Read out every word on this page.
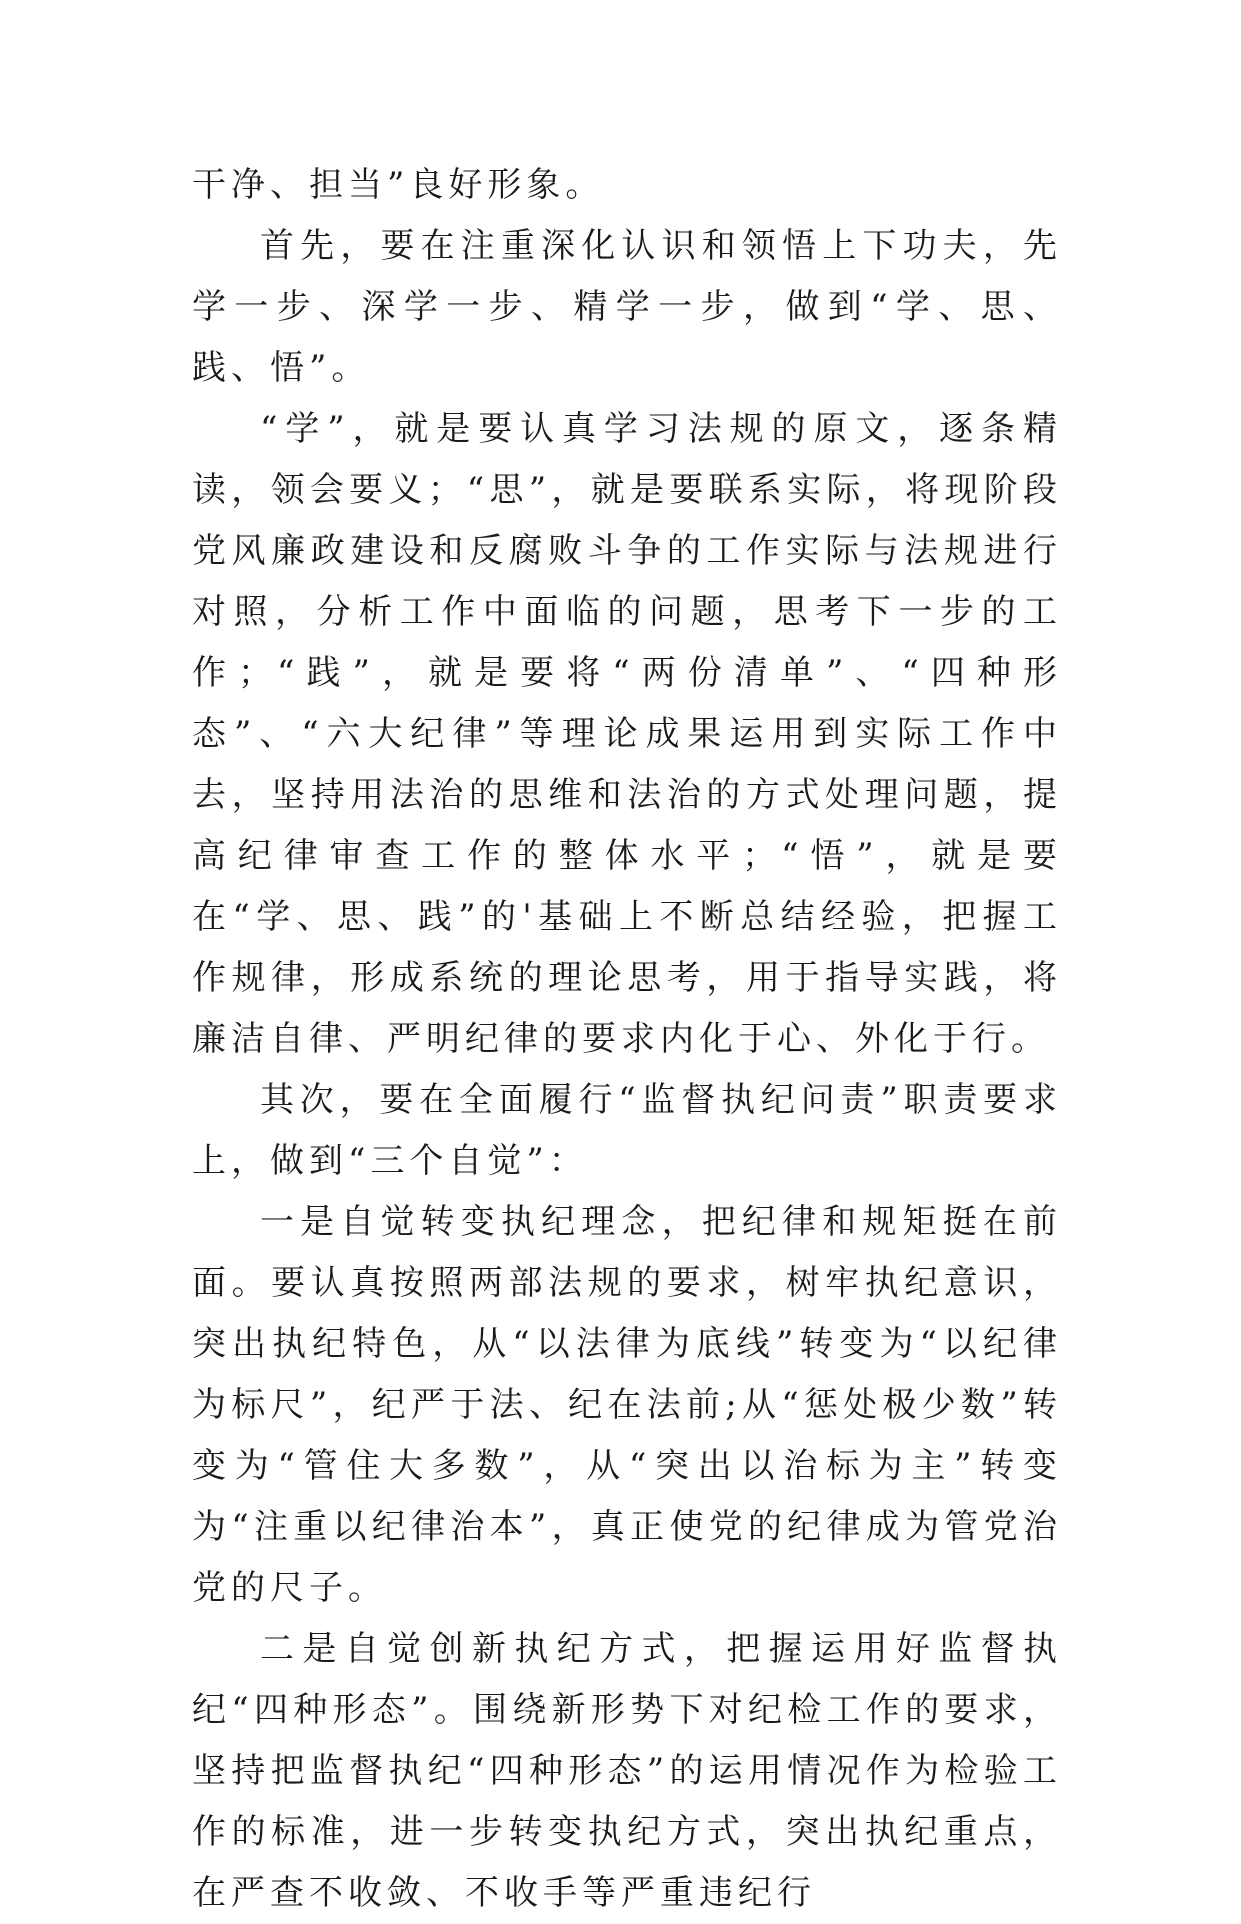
干净、担当”良好形象。

首先，要在注重深化认识和领悟上下功夫，先学一步、深学一步、精学一步，做到“学、思、践、悟”。

“学”，就是要认真学习法规的原文，逐条精读，领会要义；“思”，就是要联系实际，将现阶段党风廉政建设和反腐败斗争的工作实际与法规进行对照，分析工作中面临的问题，思考下一步的工作；“践”，就是要将“两份清单”、“四种形态”、“六大纪律”等理论成果运用到实际工作中去，坚持用法治的思维和法治的方式处理问题，提高纪律审查工作的整体水平；“悟”，就是要在“学、思、践”的'基础上不断总结经验，把握工作规律，形成系统的理论思考，用于指导实践，将廉洁自律、严明纪律的要求内化于心、外化于行。

其次，要在全面履行“监督执纪问责”职责要求上，做到“三个自觉”：

一是自觉转变执纪理念，把纪律和规矩挺在前面。要认真按照两部法规的要求，树牢执纪意识，突出执纪特色，从“以法律为底线”转变为“以纪律为标尺”，纪严于法、纪在法前;从“惩处极少数”转变为“管住大多数”，从“突出以治标为主”转变为“注重以纪律治本”，真正使党的纪律成为管党治党的尺子。

二是自觉创新执纪方式，把握运用好监督执纪“四种形态”。围绕新形势下对纪检工作的要求，坚持把监督执纪“四种形态”的运用情况作为检验工作的标准，进一步转变执纪方式，突出执纪重点，在严查不收敛、不收手等严重违纪行
